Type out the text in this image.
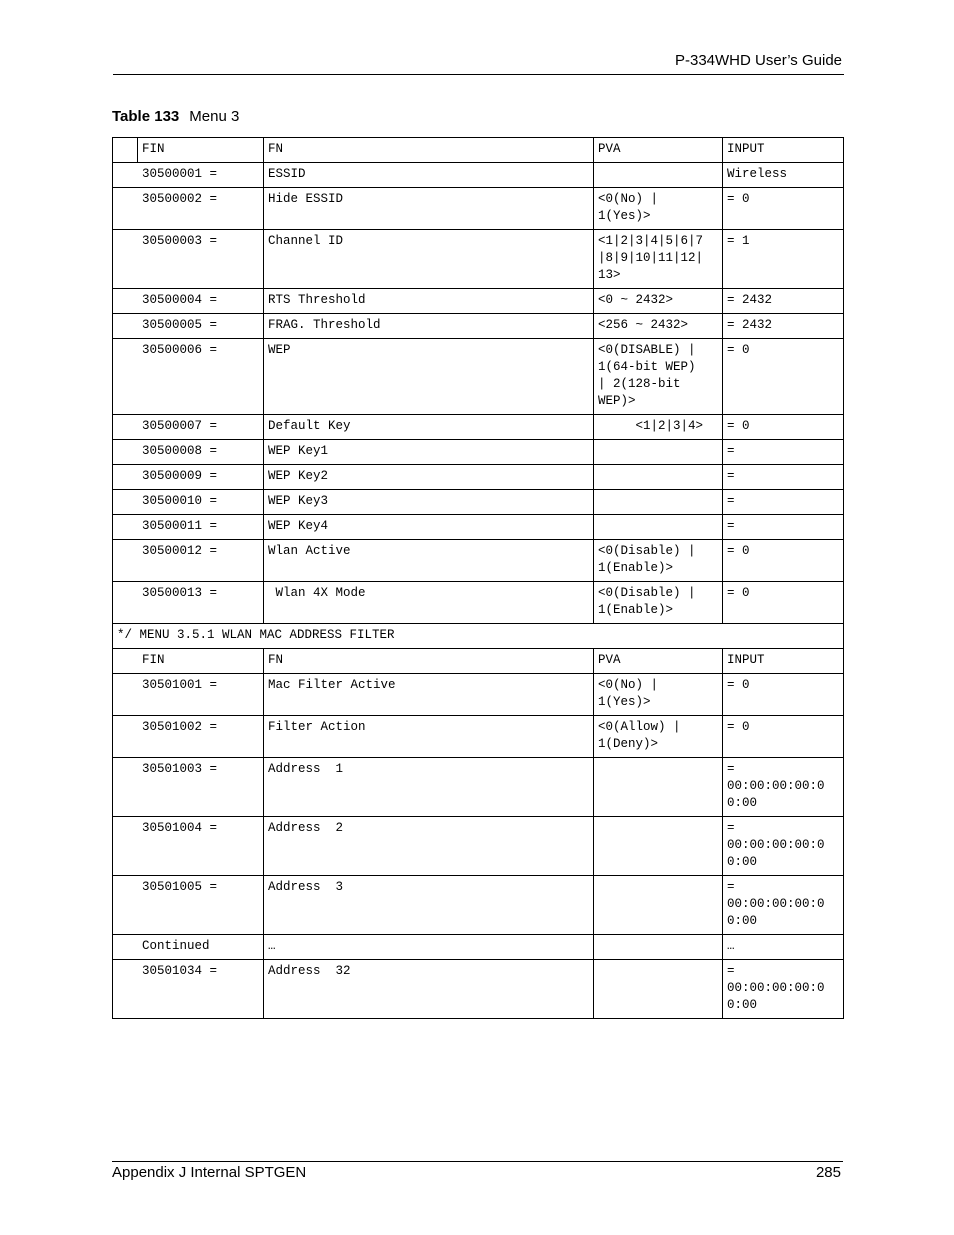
P-334WHD User’s Guide
Table 133 Menu 3
	FIN	FN	PVA	INPUT
30500001 =		ESSID		Wireless
30500002 =		Hide ESSID	<0(No) |
1(Yes)>	= 0
30500003 =		Channel ID	<1|2|3|4|5|6|7
|8|9|10|11|12|
13>	= 1
30500004 =		RTS Threshold	<0 ~ 2432>	= 2432
30500005 =		FRAG. Threshold	<256 ~ 2432>	= 2432
30500006 =		WEP	<0(DISABLE) |
1(64-bit WEP)
| 2(128-bit
WEP)>	= 0
30500007 =		Default Key	<1|2|3|4>	= 0
30500008 =		WEP Key1		=
30500009 =		WEP Key2		=
30500010 =		WEP Key3		=
30500011 =		WEP Key4		=
30500012 =		Wlan Active	<0(Disable) |
1(Enable)>	= 0
30500013 =		Wlan 4X Mode	<0(Disable) |
1(Enable)>	= 0
*/ MENU 3.5.1 WLAN MAC ADDRESS FILTER				
FIN		FN	PVA	INPUT
30501001 =		Mac Filter Active	<0(No) |
1(Yes)>	= 0
30501002 =		Filter Action	<0(Allow) |
1(Deny)>	= 0
30501003 =		Address  1		=
00:00:00:00:0
0:00
30501004 =		Address  2		=
00:00:00:00:0
0:00
30501005 =		Address  3		=
00:00:00:00:0
0:00
Continued		…		…
30501034 =		Address  32		=
00:00:00:00:0
0:00
Appendix J Internal SPTGEN	285
